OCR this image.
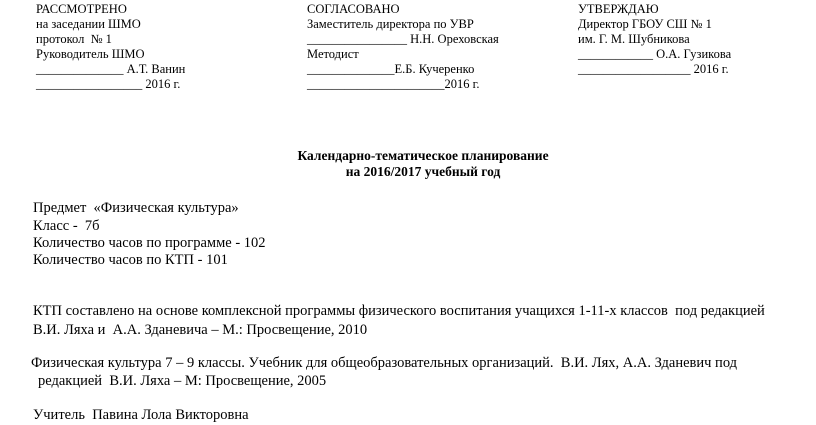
РАССМОТРЕНО
на заседании ШМО
протокол  № 1
Руководитель ШМО
______________ А.Т. Ванин
_________________ 2016 г.
СОГЛАСОВАНО
Заместитель директора по УВР
________________ Н.Н. Ореховская
Методист
______________Е.Б. Кучеренко
______________________2016 г.
УТВЕРЖДАЮ
Директор ГБОУ СШ № 1
им. Г. М. Шубникова
____________ О.А. Гузикова
__________________ 2016 г.
Календарно-тематическое планирование
на 2016/2017 учебный год
Предмет  «Физическая культура»
Класс -  7б
Количество часов по программе - 102
Количество часов по КТП - 101
КТП составлено на основе комплексной программы физического воспитания учащихся 1-11-х классов  под редакцией
В.И. Ляха и  А.А. Зданевича – М.: Просвещение, 2010
Физическая культура 7 – 9 классы. Учебник для общеобразовательных организаций.  В.И. Лях, А.А. Зданевич под
редакцией  В.И. Ляха – М: Просвещение, 2005
Учитель  Павина Лола Викторовна
